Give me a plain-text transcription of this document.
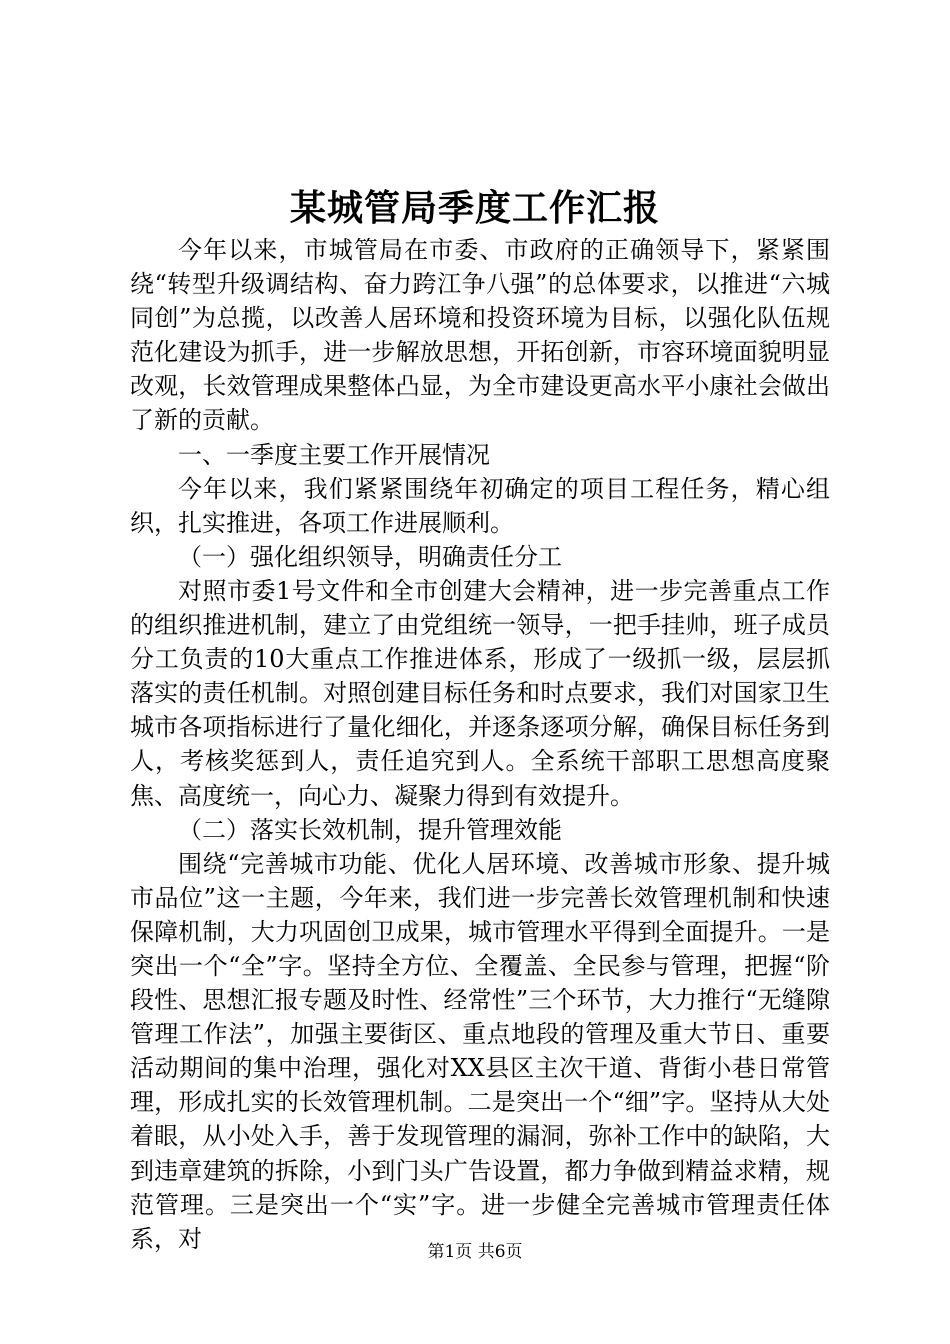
某城管局季度工作汇报

今年以来，市城管局在市委、市政府的正确领导下，紧紧围绕“转型升级调结构、奋力跨江争八强”的总体要求，以推进“六城同创”为总揽，以改善人居环境和投资环境为目标，以强化队伍规范化建设为抓手，进一步解放思想，开拓创新，市容环境面貌明显改观，长效管理成果整体凸显，为全市建设更高水平小康社会做出了新的贡献。

一、一季度主要工作开展情况

今年以来，我们紧紧围绕年初确定的项目工程任务，精心组织，扎实推进，各项工作进展顺利。

（一）强化组织领导，明确责任分工

对照市委1号文件和全市创建大会精神，进一步完善重点工作的组织推进机制，建立了由党组统一领导，一把手挂帅，班子成员分工负责的10大重点工作推进体系，形成了一级抓一级，层层抓落实的责任机制。对照创建目标任务和时点要求，我们对国家卫生城市各项指标进行了量化细化，并逐条逐项分解，确保目标任务到人，考核奖惩到人，责任追究到人。全系统干部职工思想高度聚焦、高度统一，向心力、凝聚力得到有效提升。

（二）落实长效机制，提升管理效能

围绕“完善城市功能、优化人居环境、改善城市形象、提升城市品位”这一主题，今年来，我们进一步完善长效管理机制和快速保障机制，大力巩固创卫成果，城市管理水平得到全面提升。一是突出一个“全”字。坚持全方位、全覆盖、全民参与管理，把握“阶段性、思想汇报专题及时性、经常性”三个环节，大力推行“无缝隙管理工作法”，加强主要街区、重点地段的管理及重大节日、重要活动期间的集中治理，强化对XX县区主次干道、背街小巷日常管理，形成扎实的长效管理机制。二是突出一个“细”字。坚持从大处着眼，从小处入手，善于发现管理的漏洞，弥补工作中的缺陷，大到违章建筑的拆除，小到门头广告设置，都力争做到精益求精，规范管理。三是突出一个“实”字。进一步健全完善城市管理责任体系，对	第1页 共6页
